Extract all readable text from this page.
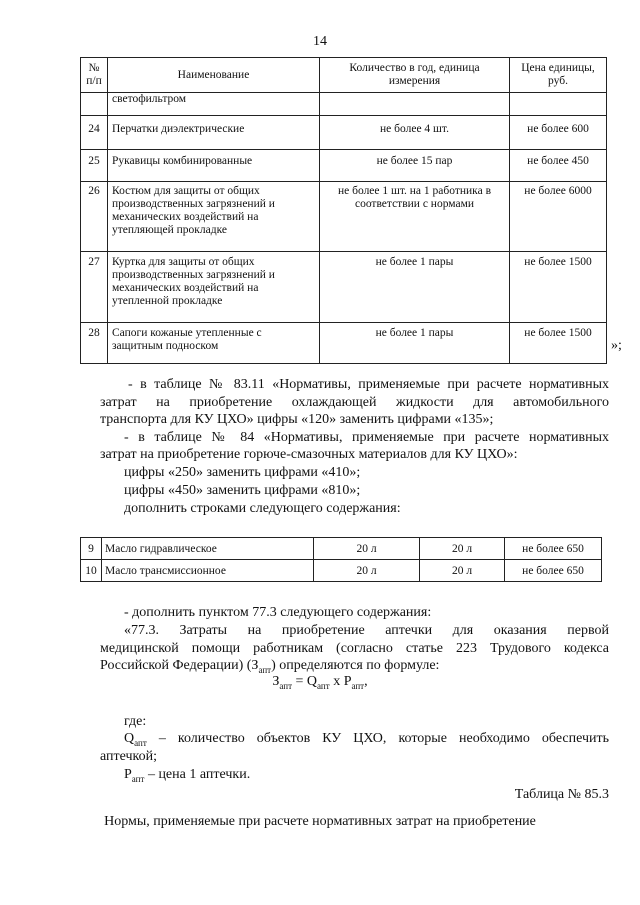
14
№ п/п	Наименование	Количество в год, единица измерения	Цена единицы, руб.
	светофильтром		
24	Перчатки диэлектрические	не более 4 шт.	не более 600
25	Рукавицы комбинированные	не более 15 пар	не более 450
26	Костюм для защиты от общих производственных загрязнений и механических воздействий на утепляющей прокладке	не более 1 шт. на 1 работника в соответствии с нормами	не более 6000
27	Куртка для защиты от общих производственных загрязнений и механических воздействий на утепленной прокладке	не более 1 пары	не более 1500
28	Сапоги кожаные утепленные с защитным подноском	не более 1 пары	не более 1500
»;
- в таблице № 83.11 «Нормативы, применяемые при расчете нормативных
затрат на приобретение охлаждающей жидкости для автомобильного
транспорта для КУ ЦХО» цифры «120» заменить цифрами «135»;
- в таблице № 84 «Нормативы, применяемые при расчете нормативных
затрат на приобретение горюче-смазочных материалов для КУ ЦХО»:
цифры «250» заменить цифрами «410»;
цифры «450» заменить цифрами «810»;
дополнить строками следующего содержания:
9	Масло гидравлическое	20 л	20 л	не более 650
10	Масло трансмиссионное	20 л	20 л	не более 650
- дополнить пунктом 77.3 следующего содержания:
«77.3. Затраты на приобретение аптечки для оказания первой
медицинской помощи работникам (согласно статье 223 Трудового кодекса
Российской Федерации) $(З_{апт})$ определяются по формуле:
$З_{апт} = Q_{апт}$ х $P_{апт}$,
где:
$Q_{апт}$ – количество объектов КУ ЦХО, которые необходимо обеспечить
аптечкой;
$P_{апт}$ – цена 1 аптечки.
Таблица № 85.3
Нормы, применяемые при расчете нормативных затрат на приобретение
